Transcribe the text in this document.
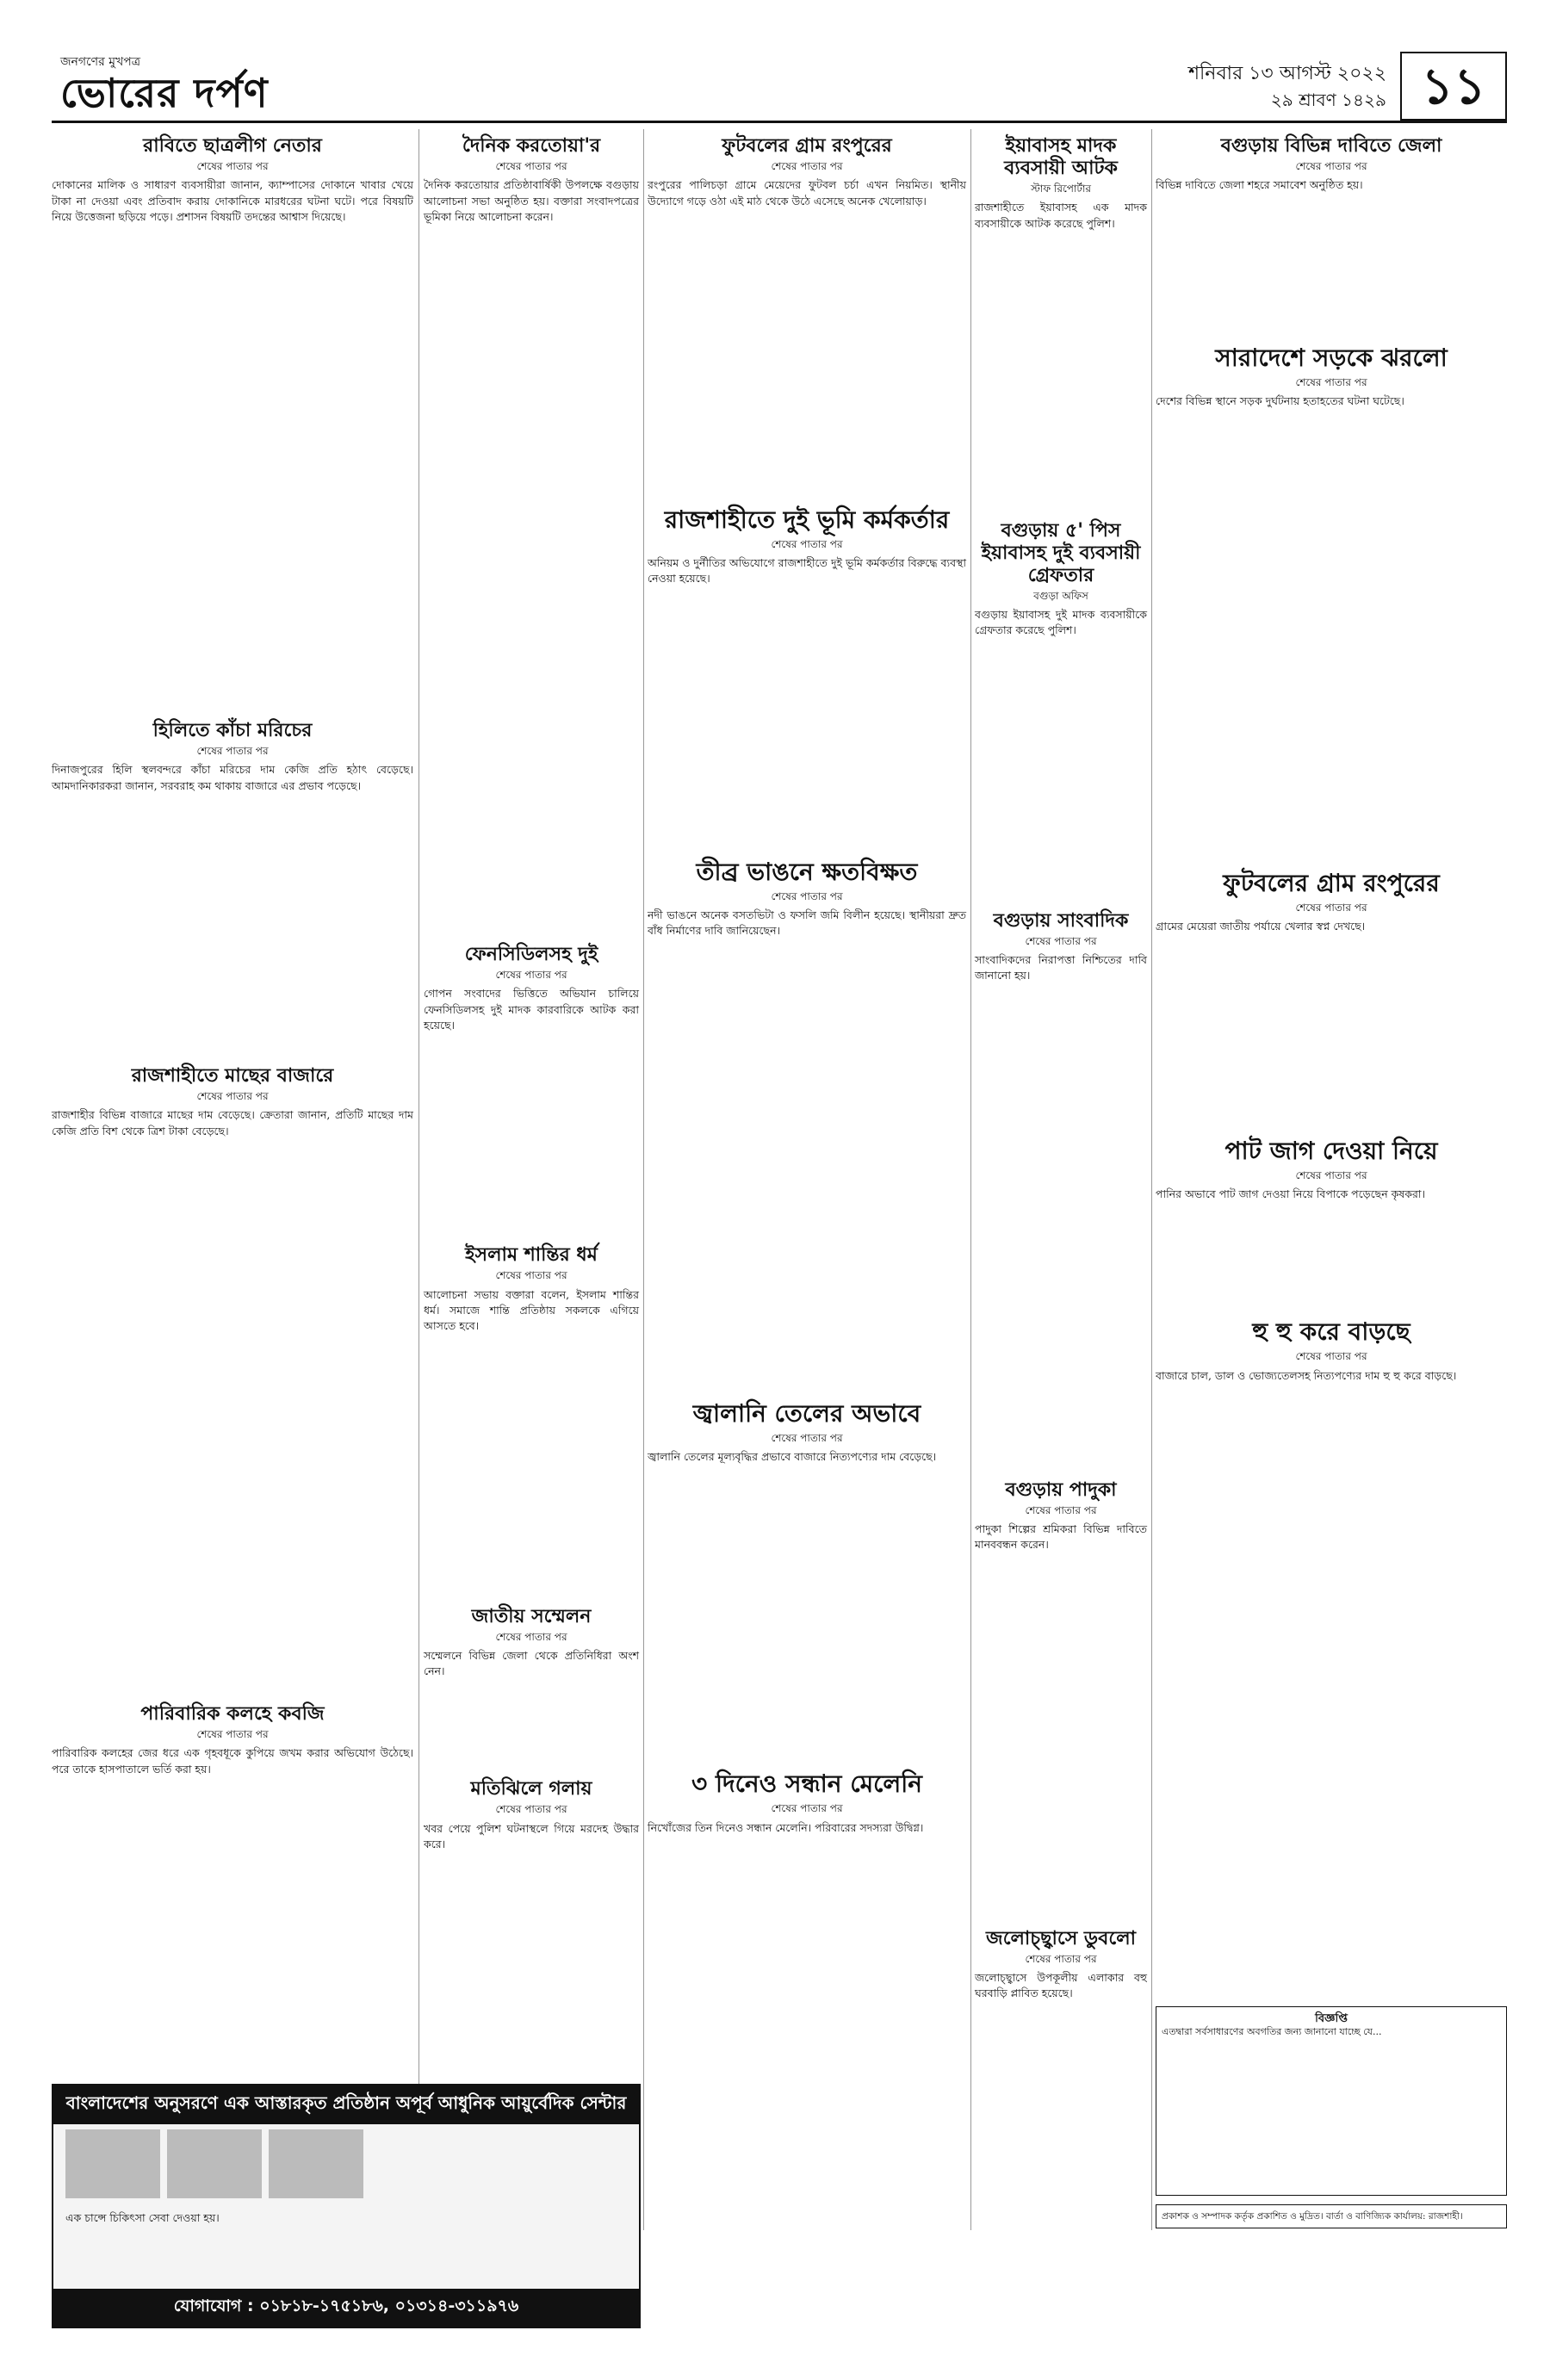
জনগণের মুখপত্র
ভোরের দর্পণ	শনিবার ১৩ আগস্ট ২০২২
২৯ শ্রাবণ ১৪২৯ ১১
রাবিতে ছাত্রলীগ নেতার
শেষের পাতার পর

দোকানের মালিক ও সাধারণ ব্যবসায়ীরা জানান, ক্যাম্পাসের দোকানে খাবার খেয়ে টাকা না দেওয়া এবং প্রতিবাদ করায় দোকানিকে মারধরের ঘটনা ঘটে। পরে বিষয়টি নিয়ে উত্তেজনা ছড়িয়ে পড়ে। প্রশাসন বিষয়টি তদন্তের আশ্বাস দিয়েছে।

হিলিতে কাঁচা মরিচের
শেষের পাতার পর

দিনাজপুরের হিলি স্থলবন্দরে কাঁচা মরিচের দাম কেজি প্রতি হঠাৎ বেড়েছে। আমদানিকারকরা জানান, সরবরাহ কম থাকায় বাজারে এর প্রভাব পড়েছে।

রাজশাহীতে মাছের বাজারে
শেষের পাতার পর

রাজশাহীর বিভিন্ন বাজারে মাছের দাম বেড়েছে। ক্রেতারা জানান, প্রতিটি মাছের দাম কেজি প্রতি বিশ থেকে ত্রিশ টাকা বেড়েছে।

পারিবারিক কলহে কবজি
শেষের পাতার পর

পারিবারিক কলহের জের ধরে এক গৃহবধূকে কুপিয়ে জখম করার অভিযোগ উঠেছে। পরে তাকে হাসপাতালে ভর্তি করা হয়।

দৈনিক করতোয়া'র
শেষের পাতার পর

দৈনিক করতোয়ার প্রতিষ্ঠাবার্ষিকী উপলক্ষে বগুড়ায় আলোচনা সভা অনুষ্ঠিত হয়। বক্তারা সংবাদপত্রের ভূমিকা নিয়ে আলোচনা করেন।

ফেনসিডিলসহ দুই
শেষের পাতার পর

গোপন সংবাদের ভিত্তিতে অভিযান চালিয়ে ফেনসিডিলসহ দুই মাদক কারবারিকে আটক করা হয়েছে।

ইসলাম শান্তির ধর্ম
শেষের পাতার পর

আলোচনা সভায় বক্তারা বলেন, ইসলাম শান্তির ধর্ম। সমাজে শান্তি প্রতিষ্ঠায় সকলকে এগিয়ে আসতে হবে।

জাতীয় সম্মেলন
শেষের পাতার পর

সম্মেলনে বিভিন্ন জেলা থেকে প্রতিনিধিরা অংশ নেন।

মতিঝিলে গলায়
শেষের পাতার পর

খবর পেয়ে পুলিশ ঘটনাস্থলে গিয়ে মরদেহ উদ্ধার করে।

ফুটবলের গ্রাম রংপুরের
শেষের পাতার পর

রংপুরের পালিচড়া গ্রামে মেয়েদের ফুটবল চর্চা এখন নিয়মিত। স্থানীয় উদ্যোগে গড়ে ওঠা এই মাঠ থেকে উঠে এসেছে অনেক খেলোয়াড়।

রাজশাহীতে দুই ভূমি কর্মকর্তার
শেষের পাতার পর

অনিয়ম ও দুর্নীতির অভিযোগে রাজশাহীতে দুই ভূমি কর্মকর্তার বিরুদ্ধে ব্যবস্থা নেওয়া হয়েছে।

তীব্র ভাঙনে ক্ষতবিক্ষত
শেষের পাতার পর

নদী ভাঙনে অনেক বসতভিটা ও ফসলি জমি বিলীন হয়েছে। স্থানীয়রা দ্রুত বাঁধ নির্মাণের দাবি জানিয়েছেন।

জ্বালানি তেলের অভাবে
শেষের পাতার পর

জ্বালানি তেলের মূল্যবৃদ্ধির প্রভাবে বাজারে নিত্যপণ্যের দাম বেড়েছে।

৩ দিনেও সন্ধান মেলেনি
শেষের পাতার পর

নিখোঁজের তিন দিনেও সন্ধান মেলেনি। পরিবারের সদস্যরা উদ্বিগ্ন।

ইয়াবাসহ মাদক ব্যবসায়ী আটক
স্টাফ রিপোর্টার

রাজশাহীতে ইয়াবাসহ এক মাদক ব্যবসায়ীকে আটক করেছে পুলিশ।

বগুড়ায় ৫' পিস ইয়াবাসহ দুই ব্যবসায়ী গ্রেফতার
বগুড়া অফিস

বগুড়ায় ইয়াবাসহ দুই মাদক ব্যবসায়ীকে গ্রেফতার করেছে পুলিশ।

বগুড়ায় সাংবাদিক
শেষের পাতার পর

সাংবাদিকদের নিরাপত্তা নিশ্চিতের দাবি জানানো হয়।

বগুড়ায় পাদুকা
শেষের পাতার পর

পাদুকা শিল্পের শ্রমিকরা বিভিন্ন দাবিতে মানববন্ধন করেন।

জলোচ্ছ্বাসে ডুবলো
শেষের পাতার পর

জলোচ্ছ্বাসে উপকূলীয় এলাকার বহু ঘরবাড়ি প্লাবিত হয়েছে।

বগুড়ায় বিভিন্ন দাবিতে জেলা
শেষের পাতার পর

বিভিন্ন দাবিতে জেলা শহরে সমাবেশ অনুষ্ঠিত হয়।

সারাদেশে সড়কে ঝরলো
শেষের পাতার পর

দেশের বিভিন্ন স্থানে সড়ক দুর্ঘটনায় হতাহতের ঘটনা ঘটেছে।

ফুটবলের গ্রাম রংপুরের
শেষের পাতার পর

গ্রামের মেয়েরা জাতীয় পর্যায়ে খেলার স্বপ্ন দেখছে।

পাট জাগ দেওয়া নিয়ে
শেষের পাতার পর

পানির অভাবে পাট জাগ দেওয়া নিয়ে বিপাকে পড়েছেন কৃষকরা।

হু হু করে বাড়ছে
শেষের পাতার পর

বাজারে চাল, ডাল ও ভোজ্যতেলসহ নিত্যপণ্যের দাম হু হু করে বাড়ছে।

বাংলাদেশের অনুসরণে এক আস্তারকৃত প্রতিষ্ঠান অপূর্ব আধুনিক আয়ুর্বেদিক সেন্টার
এক চান্সে চিকিৎসা সেবা দেওয়া হয়।
যোগাযোগ : ০১৮১৮-১৭৫১৮৬, ০১৩১৪-৩১১৯৭৬
বিজ্ঞপ্তি
এতদ্বারা সর্বসাধারণের অবগতির জন্য জানানো যাচ্ছে যে...
প্রকাশক ও সম্পাদক কর্তৃক প্রকাশিত ও মুদ্রিত। বার্তা ও বাণিজ্যিক কার্যালয়: রাজশাহী।
